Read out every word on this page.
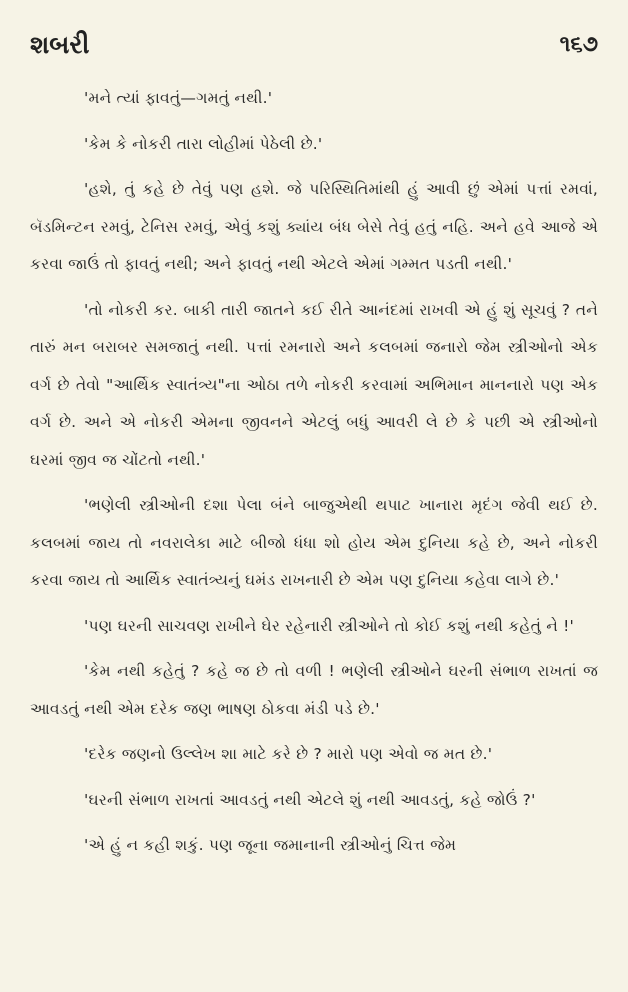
શબરી	૧૬૭

'મને ત્યાં ફાવતું—ગમતું નથી.'

'કેમ કે નોકરી તારા લોહીમાં પેઠેલી છે.'

'હશે, તું કહે છે તેવું પણ હશે. જે પરિસ્થિતિમાંથી હું આવી છું એમાં પત્તાં રમવાં, બૅડમિન્ટન રમવું, ટેનિસ રમવું, એવું કશું ક્યાંય બંધ બેસે તેવું હતું નહિ. અને હવે આજે એ કરવા જાઉં તો ફાવતું નથી; અને ફાવતું નથી એટલે એમાં ગમ્મત પડતી નથી.'

'તો નોકરી કર. બાકી તારી જાતને કઈ રીતે આનંદમાં રાખવી એ હું શું સૂચવું ? તને તારું મન બરાબર સમજાતું નથી. પત્તાં રમનારો અને કલબમાં જનારો જેમ સ્ત્રીઓનો એક વર્ગ છે તેવો "આર્થિક સ્વાતંત્ર્ય"ના ઓઠા તળે નોકરી કરવામાં અભિમાન માનનારો પણ એક વર્ગ છે. અને એ નોકરી એમના જીવનને એટલું બધું આવરી લે છે કે પછી એ સ્ત્રીઓનો ઘરમાં જીવ જ ચોંટતો નથી.'

'ભણેલી સ્ત્રીઓની દશા પેલા બંને બાજુએથી થપાટ ખાનારા મૃદંગ જેવી થઈ છે. કલબમાં જાય તો નવરાલેકા માટે બીજો ધંધા શો હોય એમ દુનિયા કહે છે, અને નોકરી કરવા જાય તો આર્થિક સ્વાતંત્ર્યનું ઘમંડ રાખનારી છે એમ પણ દુનિયા કહેવા લાગે છે.'

'પણ ઘરની સાચવણ રાખીને ઘેર રહેનારી સ્ત્રીઓને તો કોઈ કશું નથી કહેતું ને !'

'કેમ નથી કહેતું ? કહે જ છે તો વળી ! ભણેલી સ્ત્રીઓને ઘરની સંભાળ રાખતાં જ આવડતું નથી એમ દરેક જણ ભાષણ ઠોકવા મંડી પડે છે.'

'દરેક જણનો ઉલ્લેખ શા માટે કરે છે ? મારો પણ એવો જ મત છે.'

'ઘરની સંભાળ રાખતાં આવડતું નથી એટલે શું નથી આવડતું, કહે જોઉં ?'

'એ હું ન કહી શકું. પણ જૂના જમાનાની સ્ત્રીઓનું ચિત્ત જેમ
